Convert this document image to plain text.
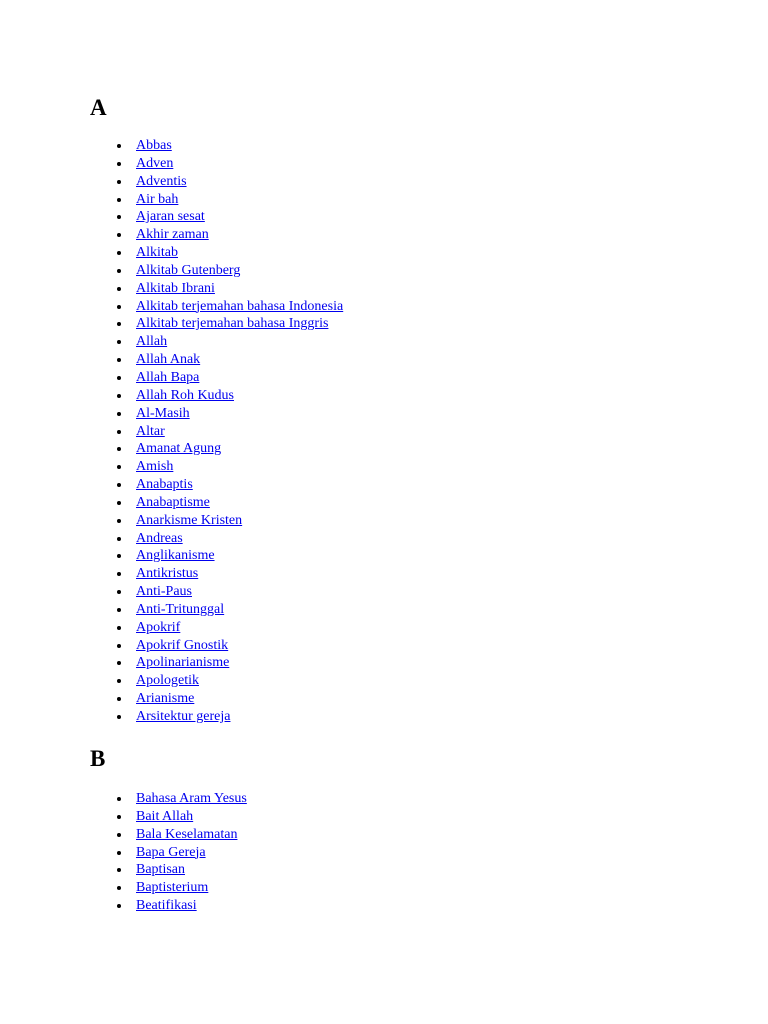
A
Abbas
Adven
Adventis
Air bah
Ajaran sesat
Akhir zaman
Alkitab
Alkitab Gutenberg
Alkitab Ibrani
Alkitab terjemahan bahasa Indonesia
Alkitab terjemahan bahasa Inggris
Allah
Allah Anak
Allah Bapa
Allah Roh Kudus
Al-Masih
Altar
Amanat Agung
Amish
Anabaptis
Anabaptisme
Anarkisme Kristen
Andreas
Anglikanisme
Antikristus
Anti-Paus
Anti-Tritunggal
Apokrif
Apokrif Gnostik
Apolinarianisme
Apologetik
Arianisme
Arsitektur gereja
B
Bahasa Aram Yesus
Bait Allah
Bala Keselamatan
Bapa Gereja
Baptisan
Baptisterium
Beatifikasi
